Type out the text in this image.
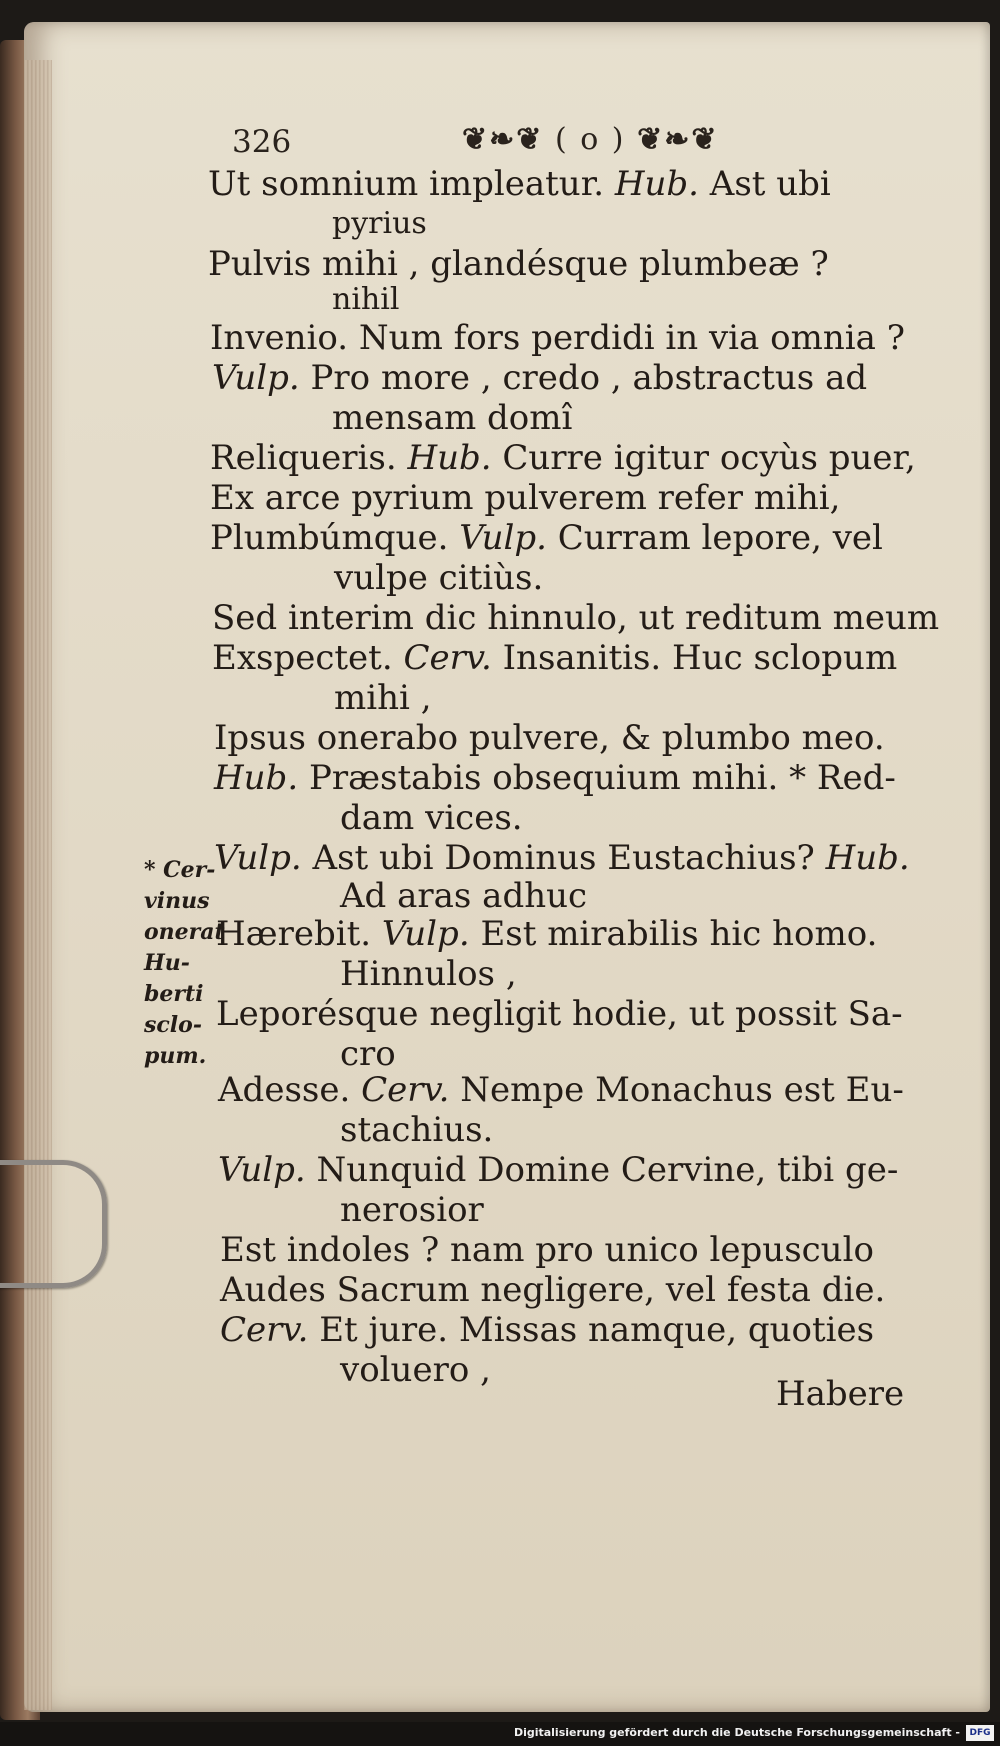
326	❦❧❦ ( o ) ❦❧❦
* Cer-
vinus
onerat
Hu-
berti
sclo-
pum.
Ut somnium impleatur. Hub. Ast ubi
pyrius
Pulvis mihi , glandésque plumbeæ ?
nihil
Invenio. Num fors perdidi in via omnia ?
Vulp. Pro more , credo , abstractus ad
mensam domî
Reliqueris. Hub. Curre igitur ocyùs puer,
Ex arce pyrium pulverem refer mihi,
Plumbúmque. Vulp. Curram lepore, vel
vulpe citiùs.
Sed interim dic hinnulo, ut reditum meum
Exspectet. Cerv. Insanitis. Huc sclopum
mihi ,
Ipsus onerabo pulvere, & plumbo meo.
Hub. Præstabis obsequium mihi. * Red-
dam vices.
Vulp. Ast ubi Dominus Eustachius? Hub.
Ad aras adhuc
Hærebit. Vulp. Est mirabilis hic homo.
Hinnulos ,
Leporésque negligit hodie, ut possit Sa-
cro
Adesse. Cerv. Nempe Monachus est Eu-
stachius.
Vulp. Nunquid Domine Cervine, tibi ge-
nerosior
Est indoles ? nam pro unico lepusculo
Audes Sacrum negligere, vel festa die.
Cerv. Et jure. Missas namque, quoties
voluero ,
Habere
Digitalisierung gefördert durch die Deutsche Forschungsgemeinschaft -	DFG
